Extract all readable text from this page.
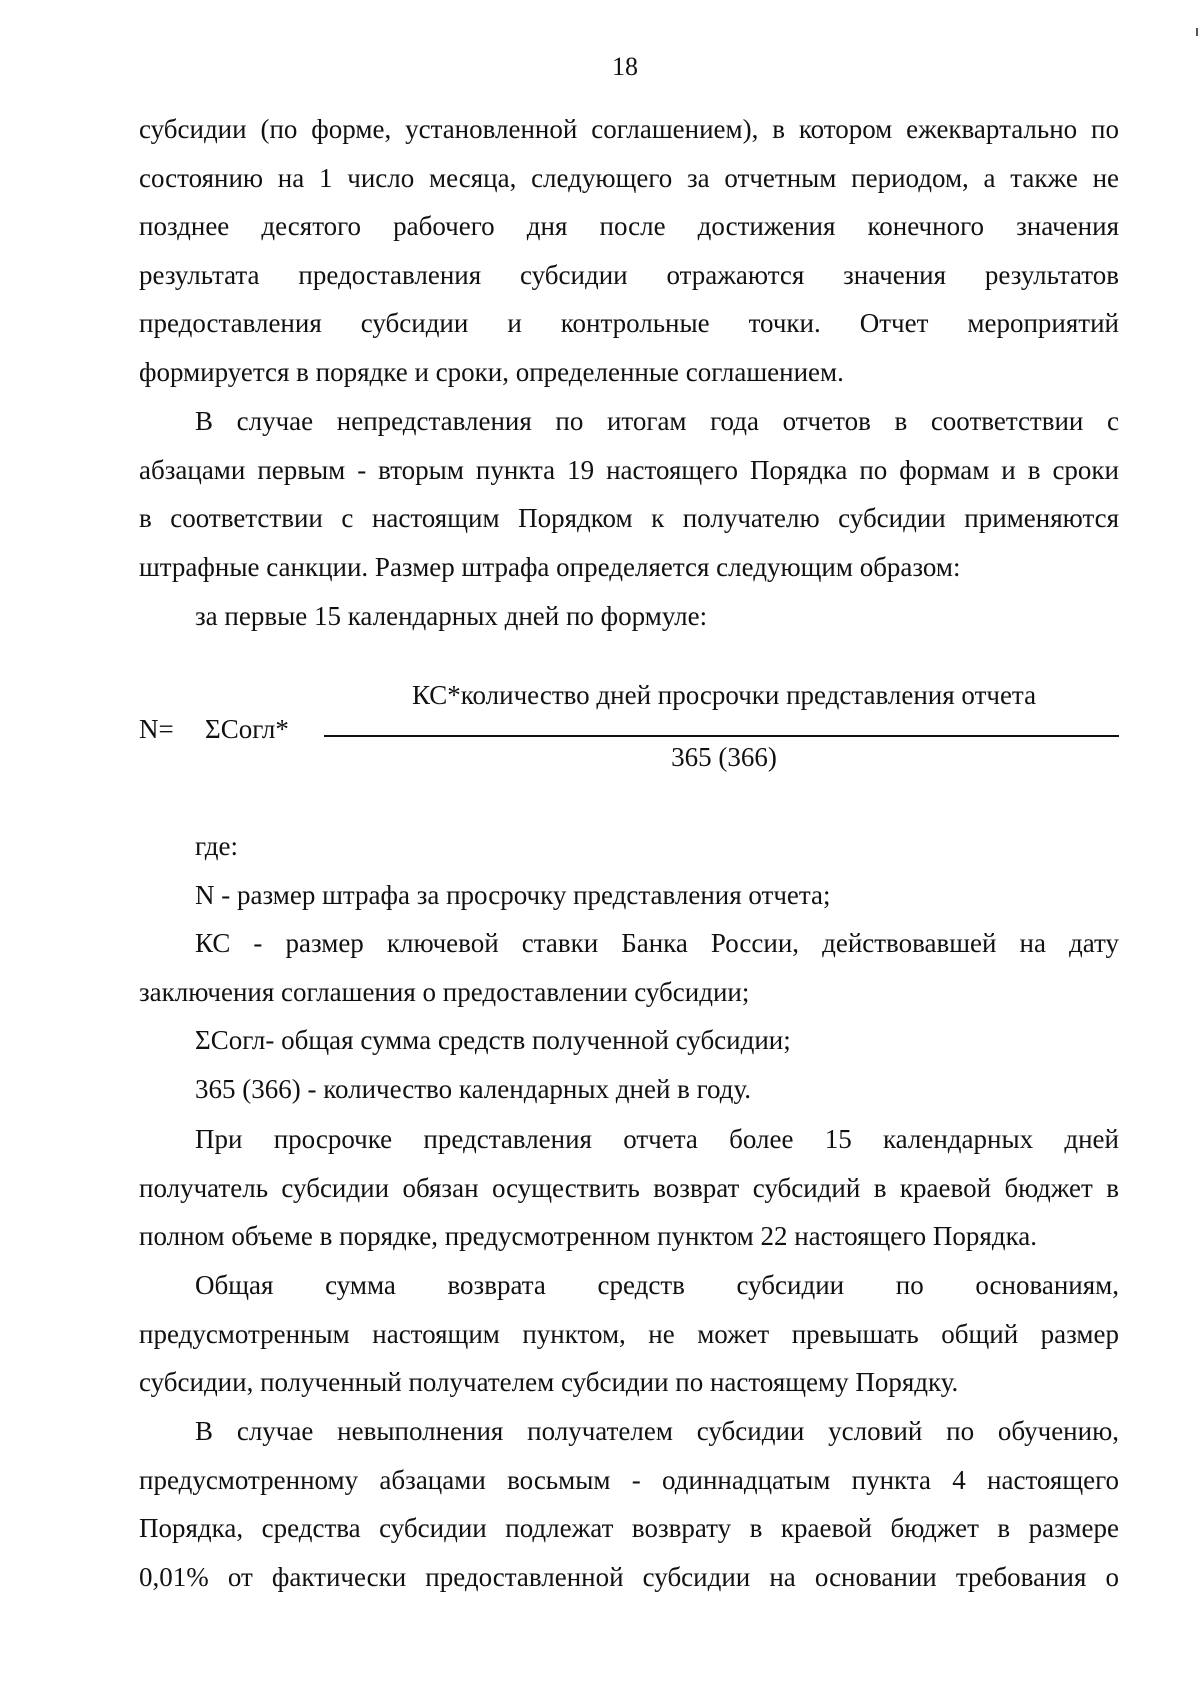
18
субсидии (по форме, установленной соглашением), в котором ежеквартально по
состоянию на 1 число месяца, следующего за отчетным периодом, а также не
позднее десятого рабочего дня после достижения конечного значения
результата предоставления субсидии отражаются значения результатов
предоставления субсидии и контрольные точки. Отчет мероприятий
формируется в порядке и сроки, определенные соглашением.
В случае непредставления по итогам года отчетов в соответствии с
абзацами первым - вторым пункта 19 настоящего Порядка по формам и в сроки
в соответствии с настоящим Порядком к получателю субсидии применяются
штрафные санкции. Размер штрафа определяется следующим образом:

за первые 15 календарных дней по формуле:

N= ΣСогл*
КС*количество дней просрочки представления отчета
365 (366)

где:

N - размер штрафа за просрочку представления отчета;

КС - размер ключевой ставки Банка России, действовавшей на дату
заключения соглашения о предоставлении субсидии;

ΣСогл- общая сумма средств полученной субсидии;

365 (366) - количество календарных дней в году.

При просрочке представления отчета более 15 календарных дней
получатель субсидии обязан осуществить возврат субсидий в краевой бюджет в
полном объеме в порядке, предусмотренном пунктом 22 настоящего Порядка.
Общая сумма возврата средств субсидии по основаниям,
предусмотренным настоящим пунктом, не может превышать общий размер
субсидии, полученный получателем субсидии по настоящему Порядку.
В случае невыполнения получателем субсидии условий по обучению,
предусмотренному абзацами восьмым - одиннадцатым пункта 4 настоящего
Порядка, средства субсидии подлежат возврату в краевой бюджет в размере
0,01% от фактически предоставленной субсидии на основании требования о
